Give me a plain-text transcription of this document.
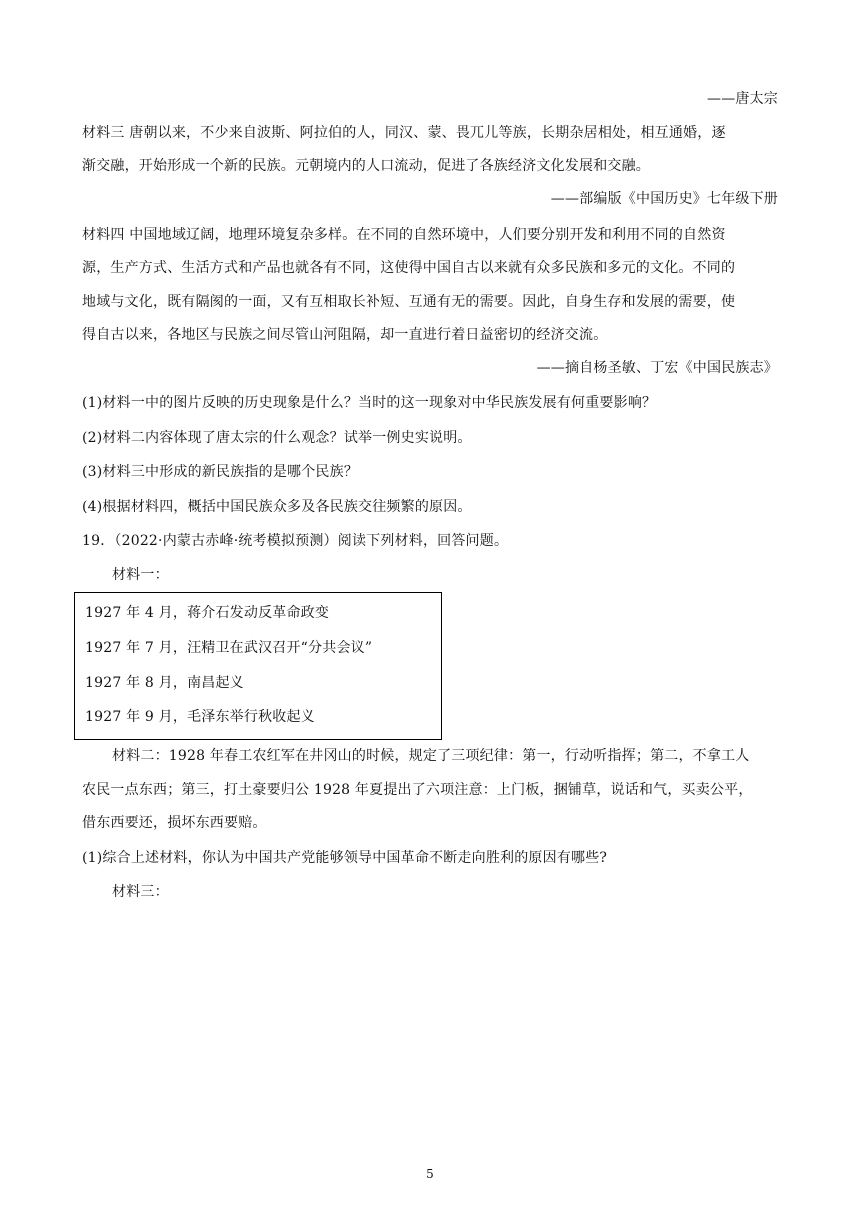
——唐太宗
材料三 唐朝以来，不少来自波斯、阿拉伯的人，同汉、蒙、畏兀儿等族，长期杂居相处，相互通婚，逐
渐交融，开始形成一个新的民族。元朝境内的人口流动，促进了各族经济文化发展和交融。
——部编版《中国历史》七年级下册
材料四 中国地域辽阔，地理环境复杂多样。在不同的自然环境中，人们要分别开发和利用不同的自然资
源，生产方式、生活方式和产品也就各有不同，这使得中国自古以来就有众多民族和多元的文化。不同的
地域与文化，既有隔阂的一面，又有互相取长补短、互通有无的需要。因此，自身生存和发展的需要，使
得自古以来，各地区与民族之间尽管山河阻隔，却一直进行着日益密切的经济交流。
——摘自杨圣敏、丁宏《中国民族志》
(1)材料一中的图片反映的历史现象是什么？当时的这一现象对中华民族发展有何重要影响？
(2)材料二内容体现了唐太宗的什么观念？试举一例史实说明。
(3)材料三中形成的新民族指的是哪个民族？
(4)根据材料四，概括中国民族众多及各民族交往频繁的原因。
19．（2022·内蒙古赤峰·统考模拟预测）阅读下列材料，回答问题。
材料一：
1927 年 4 月，蒋介石发动反革命政变
1927 年 7 月，汪精卫在武汉召开“分共会议”
1927 年 8 月，南昌起义
1927 年 9 月，毛泽东举行秋收起义
材料二：1928 年春工农红军在井冈山的时候，规定了三项纪律：第一，行动听指挥；第二，不拿工人
农民一点东西；第三，打土豪要归公 1928 年夏提出了六项注意：上门板，捆铺草，说话和气，买卖公平，
借东西要还，损坏东西要赔。
(1)综合上述材料，你认为中国共产党能够领导中国革命不断走向胜利的原因有哪些?
材料三：
5
